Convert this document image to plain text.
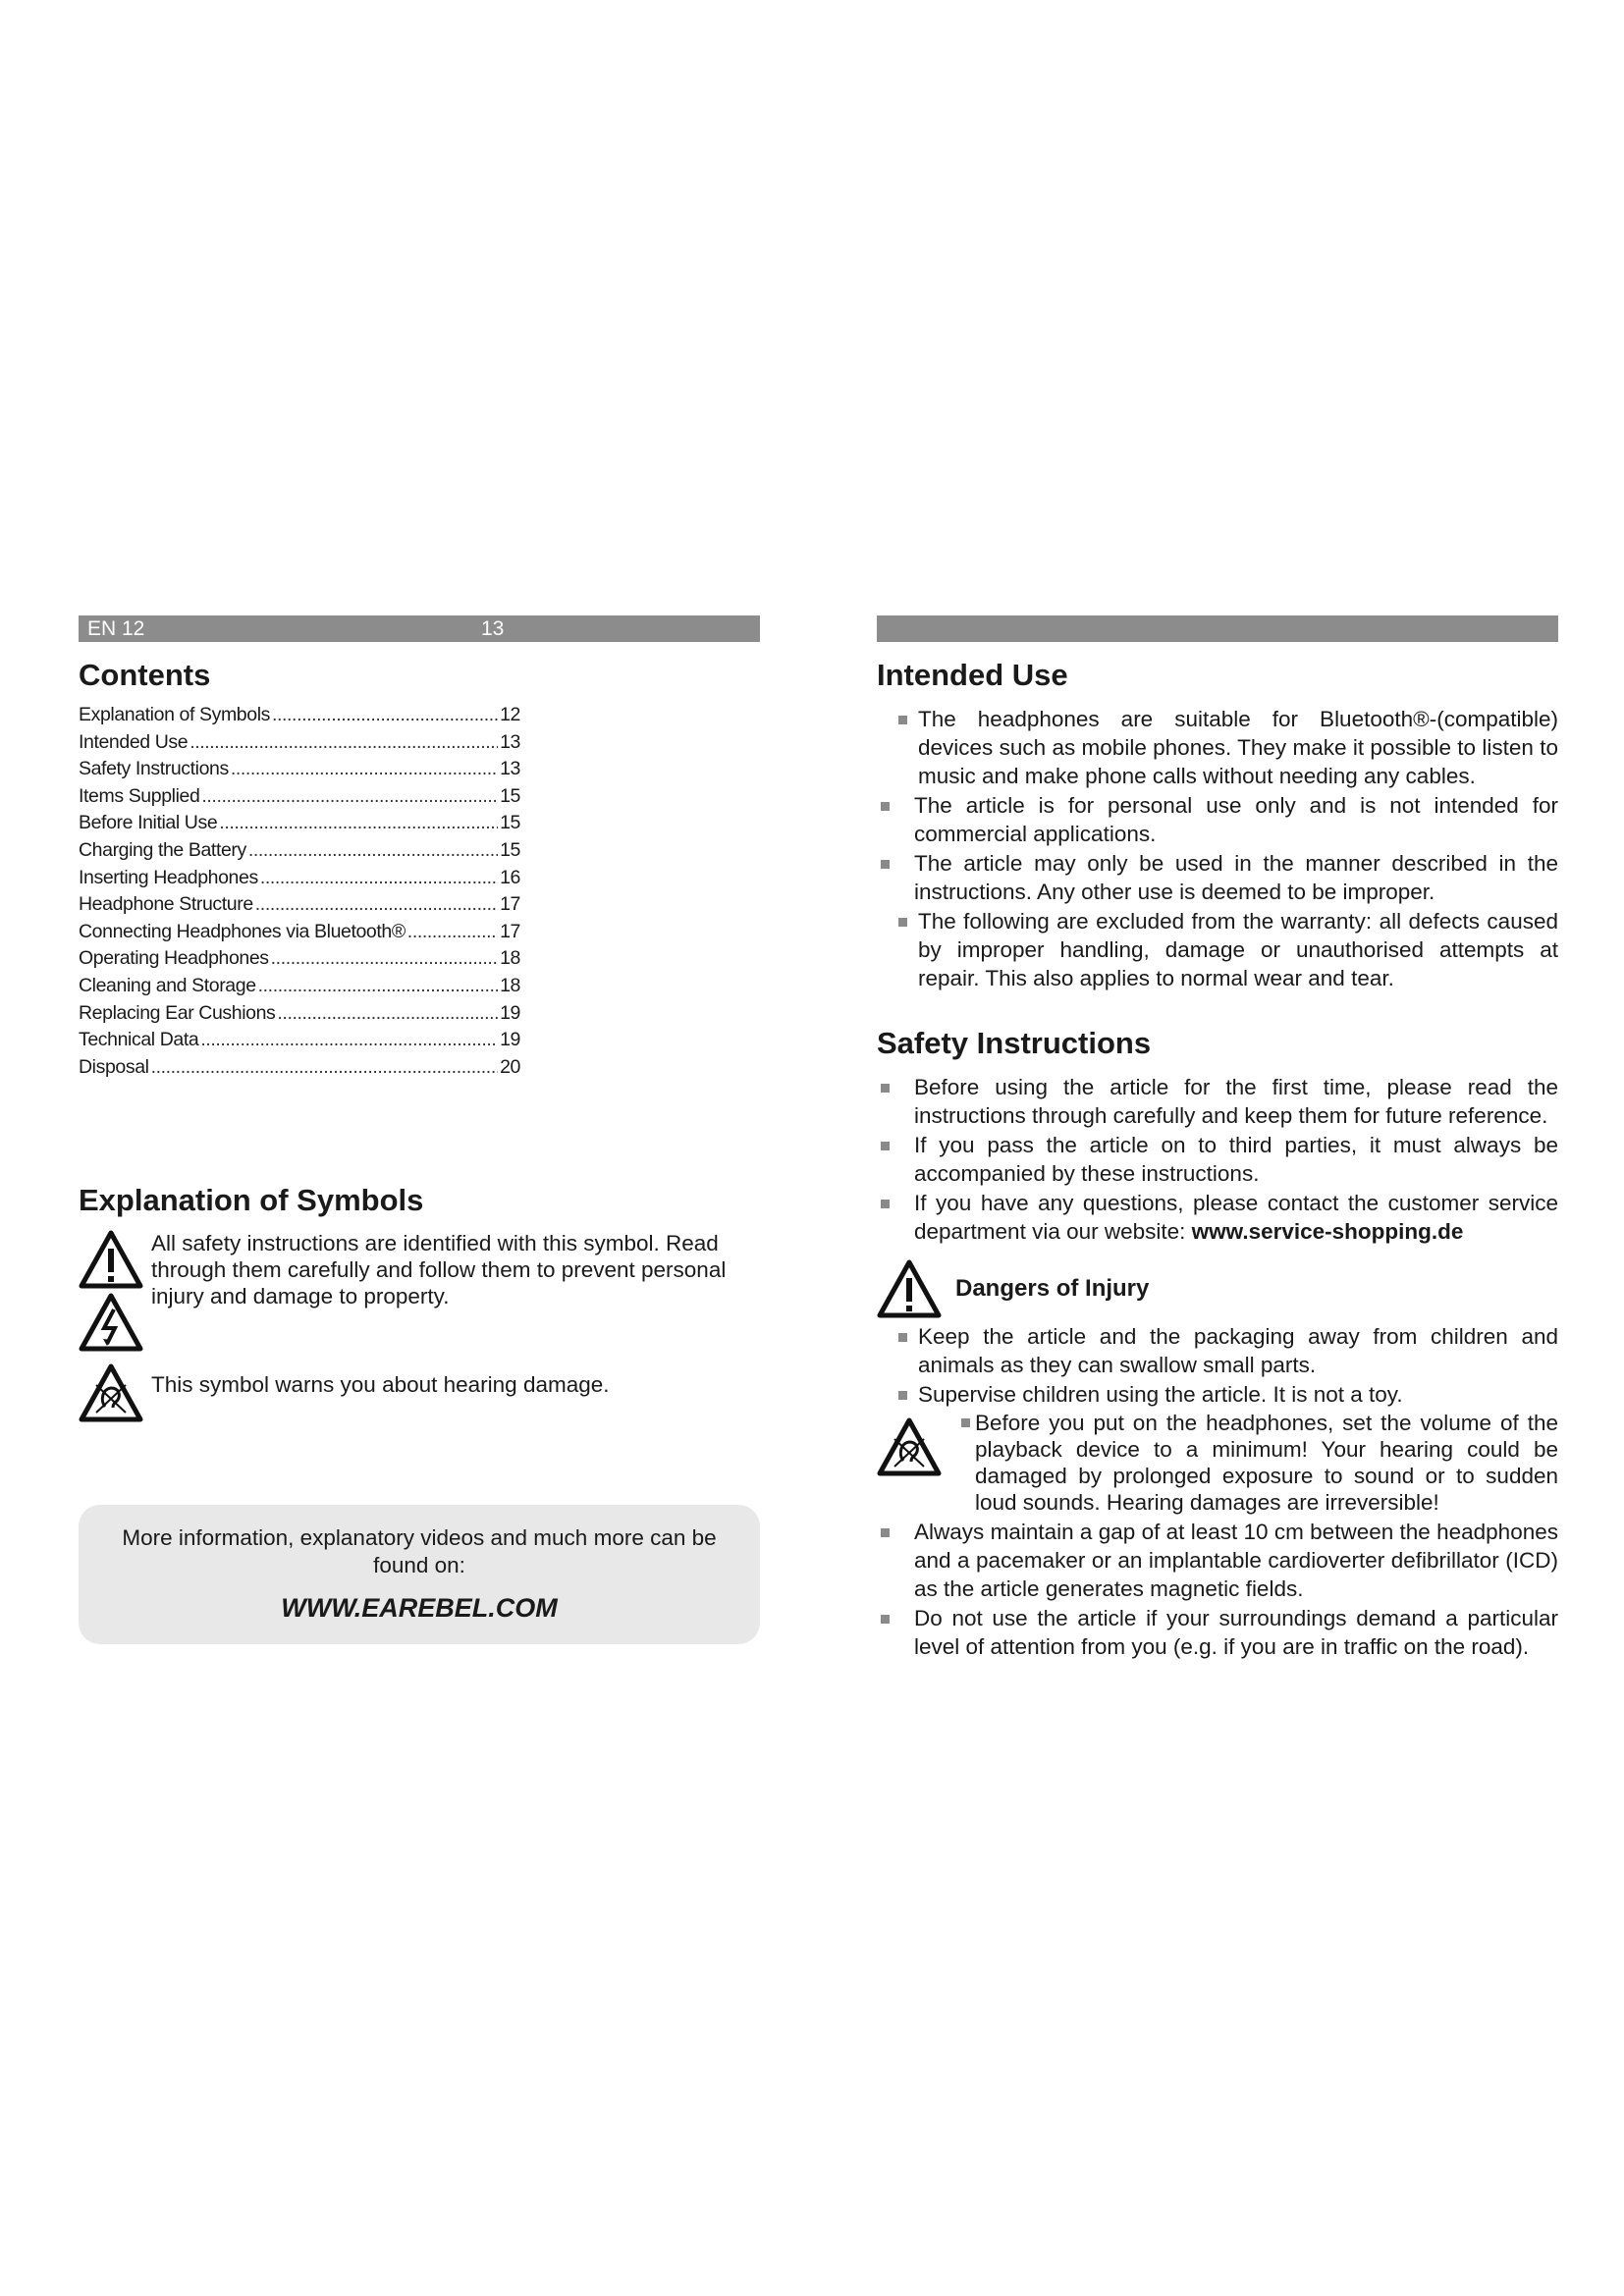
EN 12	13
Contents
Explanation of Symbols .....	12
Intended Use .....	13
Safety Instructions .....	13
Items Supplied .....	15
Before Initial Use .....	15
Charging the Battery .....	15
Inserting Headphones .....	16
Headphone Structure .....	17
Connecting Headphones via Bluetooth® .....	17
Operating Headphones .....	18
Cleaning and Storage .....	18
Replacing Ear Cushions .....	19
Technical Data .....	19
Disposal .....	20
Explanation of Symbols
All safety instructions are identified with this symbol. Read through them carefully and follow them to prevent personal injury and damage to property.
This symbol warns you about hearing damage.
More information, explanatory videos and much more can be found on:
WWW.EAREBEL.COM
Intended Use
The headphones are suitable for Bluetooth®-(compatible) devices such as mobile phones. They make it possible to listen to music and make phone calls without needing any cables.
The article is for personal use only and is not intended for commercial applications.
The article may only be used in the manner described in the instructions. Any other use is deemed to be improper.
The following are excluded from the warranty: all defects caused by improper handling, damage or unauthorised attempts at repair. This also applies to normal wear and tear.
Safety Instructions
Before using the article for the first time, please read the instructions through carefully and keep them for future reference.
If you pass the article on to third parties, it must always be accompanied by these instructions.
If you have any questions, please contact the customer service department via our website: www.service-shopping.de
Dangers of Injury
Keep the article and the packaging away from children and animals as they can swallow small parts.
Supervise children using the article. It is not a toy.
Before you put on the headphones, set the volume of the playback device to a minimum! Your hearing could be damaged by prolonged exposure to sound or to sudden loud sounds. Hearing damages are irreversible!
Always maintain a gap of at least 10 cm between the headphones and a pacemaker or an implantable cardioverter defibrillator (ICD) as the article generates magnetic fields.
Do not use the article if your surroundings demand a particular level of attention from you (e.g. if you are in traffic on the road).
